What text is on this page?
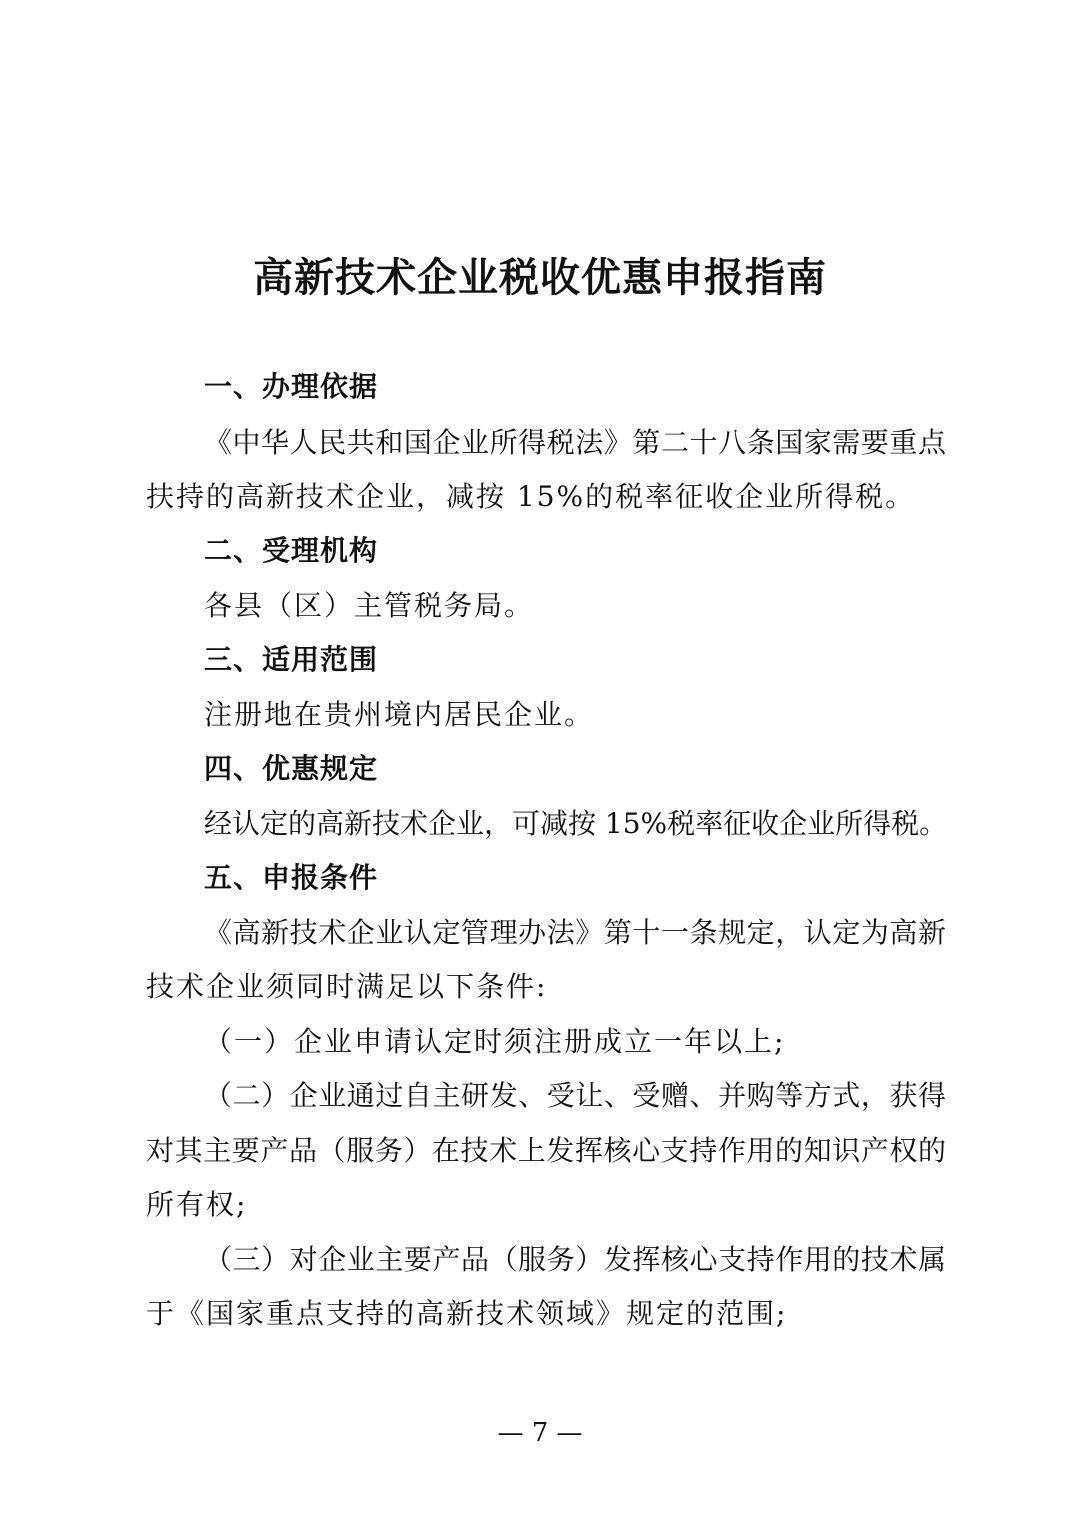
高新技术企业税收优惠申报指南
一、办理依据
《中华人民共和国企业所得税法》第二十八条国家需要重点
扶持的高新技术企业，减按 15%的税率征收企业所得税。
二、受理机构
各县（区）主管税务局。
三、适用范围
注册地在贵州境内居民企业。
四、优惠规定
经认定的高新技术企业，可减按 15%税率征收企业所得税。
五、申报条件
《高新技术企业认定管理办法》第十一条规定，认定为高新
技术企业须同时满足以下条件:
（一）企业申请认定时须注册成立一年以上;
（二）企业通过自主研发、受让、受赠、并购等方式，获得
对其主要产品（服务）在技术上发挥核心支持作用的知识产权的
所有权;
（三）对企业主要产品（服务）发挥核心支持作用的技术属
于《国家重点支持的高新技术领域》规定的范围;
— 7 —
